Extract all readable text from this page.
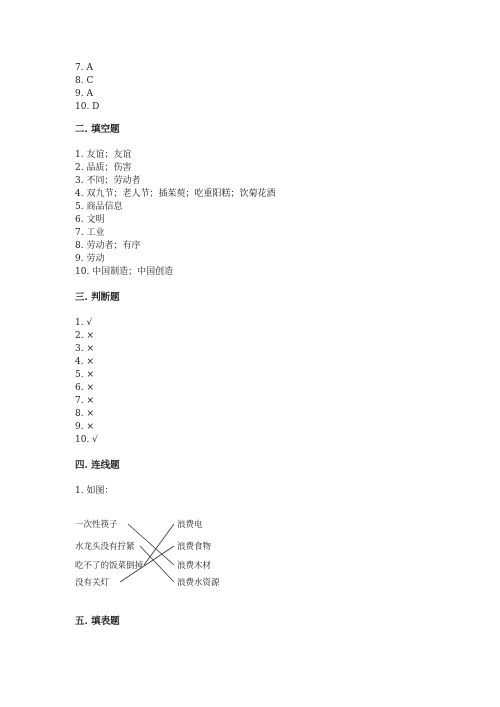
7. A
8. C
9. A
10. D
二. 填空题
1. 友谊；友谊
2. 品质；伤害
3. 不同；劳动者
4. 双九节；老人节；插茱萸；吃重阳糕；饮菊花酒
5. 商品信息
6. 文明
7. 工业
8. 劳动者；有序
9. 劳动
10. 中国制造；中国创造
三. 判断题
1. √
2. ×
3. ×
4. ×
5. ×
6. ×
7. ×
8. ×
9. ×
10. √
四. 连线题
1. 如图：
一次性筷子
水龙头没有拧紧
吃不了的饭菜倒掉
没有关灯
浪费电
浪费食物
浪费木材
浪费水资源
五. 填表题
